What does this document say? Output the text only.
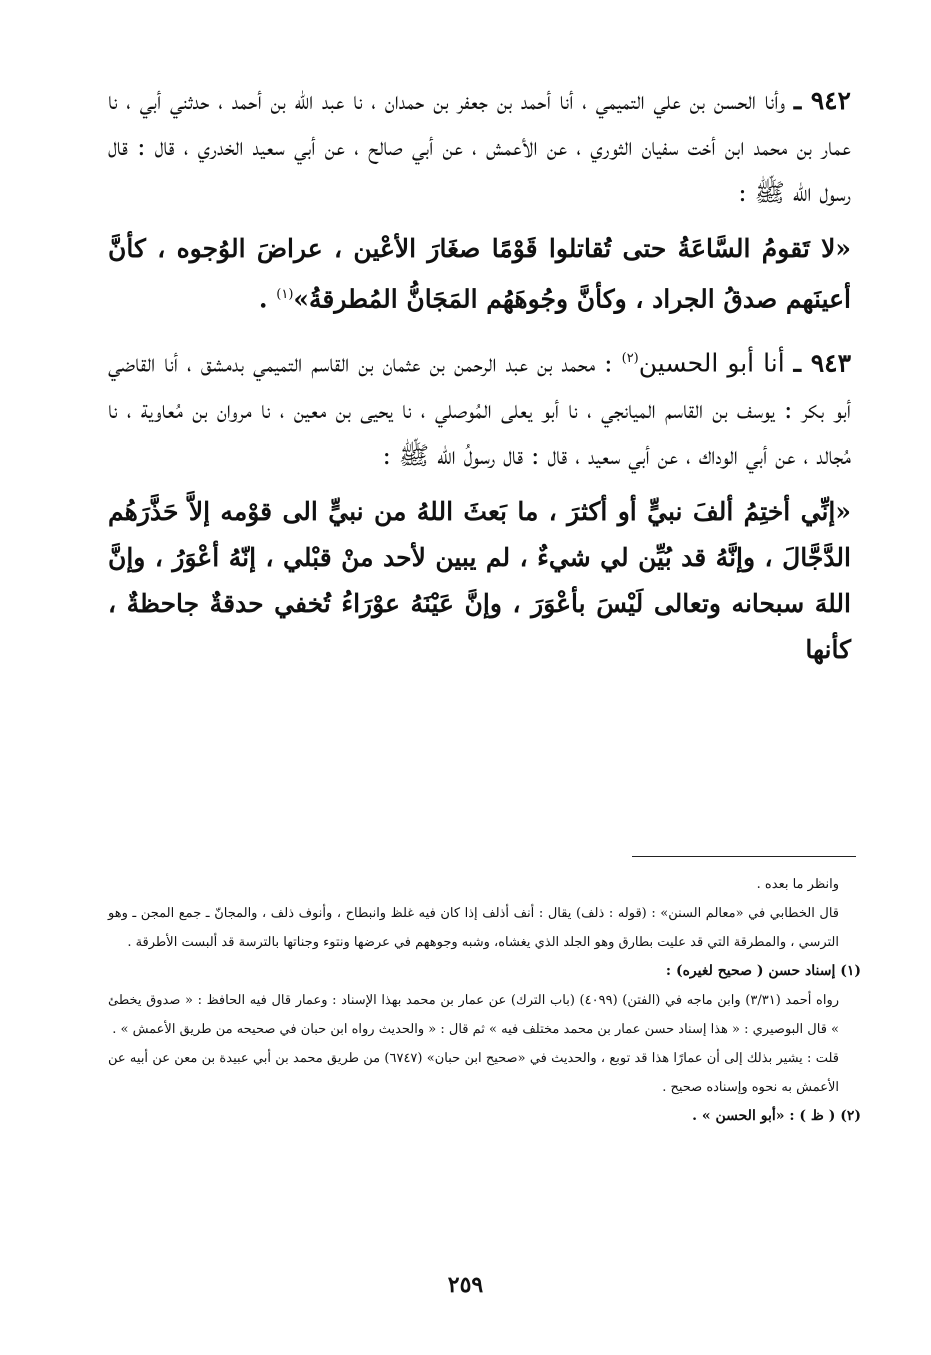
٩٤٢ ـ وأنا الحسن بن علي التميمي ، أنا أحمد بن جعفر بن حمدان ، نا عبد الله بن أحمد ، حدثني أبي ، نا عمار بن محمد ابن أخت سفيان الثوري ، عن الأعمش ، عن أبي صالح ، عن أبي سعيد الخدري ، قال : قال رسول الله ﷺ :

«لا تَقومُ السَّاعَةُ حتى تُقاتلوا قَوْمًا صغَارَ الأعْين ، عراضَ الوُجوه ، كأنَّ أعينَهم صدقُ الجراد ، وكأنَّ وجُوهَهُم المَجَانُّ المُطرقةُ»$^{(١)}$ .

٩٤٣ ـ أنا أبو الحسين$^{(٢)}$ : محمد بن عبد الرحمن بن عثمان بن القاسم التميمي بدمشق ، أنا القاضي أبو بكر : يوسف بن القاسم الميانجي ، نا أبو يعلى المُوصلي ، نا يحيى بن معين ، نا مروان بن مُعاوية ، نا مُجالد ، عن أبي الوداك ، عن أبي سعيد ، قال : قال رسولُ الله ﷺ :

«إنِّي أختِمُ ألفَ نبيٍّ أو أكثرَ ، ما بَعثَ اللهُ من نبيٍّ الى قوْمه إلاَّ حَذَّرَهُم الدَّجَّالَ ، وإنَّهُ قد بُيِّن لي شيءٌ ، لم يبين لأحد منْ قبْلي ، إنّهُ أعْوَرُ ، وإنَّ اللهَ سبحانه وتعالى لَيْسَ بأعْوَرَ ، وإنَّ عَيْنَهُ عوْرَاءُ تُخفي حدقةٌ جاحظةٌ ، كأنها

وانظر ما بعده .

قال الخطابي في «معالم السنن» : (قوله : ذلف) يقال : أنف أذلف إذا كان فيه غلظ وانبطاح ، وأنوف ذلف ، والمجانّ ـ جمع المجن ـ وهو الترسي ، والمطرقة التي قد عليت بطارق وهو الجلد الذي يغشاه، وشبه وجوههم في عرضها ونتوء وجناتها بالترسة قد ألبست الأطرقة .

(١) إسناد حسن ( صحيح لغيره) :

رواه أحمد (٣/٣١) وابن ماجه في (الفتن) (٤٠٩٩) (باب الترك) عن عمار بن محمد بهذا الإسناد : وعمار قال فيه الحافظ : « صدوق يخطئ » قال البوصيري : « هذا إسناد حسن عمار بن محمد مختلف فيه » ثم قال : « والحديث رواه ابن حبان في صحيحه من طريق الأعمش » .

قلت : يشير بذلك إلى أن عمارًا هذا قد توبع ، والحديث في «صحيح ابن حبان» (٦٧٤٧) من طريق محمد بن أبي عبيدة بن معن عن أبيه عن الأعمش به نحوه وإسناده صحيح .

(٢) ( ظ ) : «أبو الحسن » .

٢٥٩
